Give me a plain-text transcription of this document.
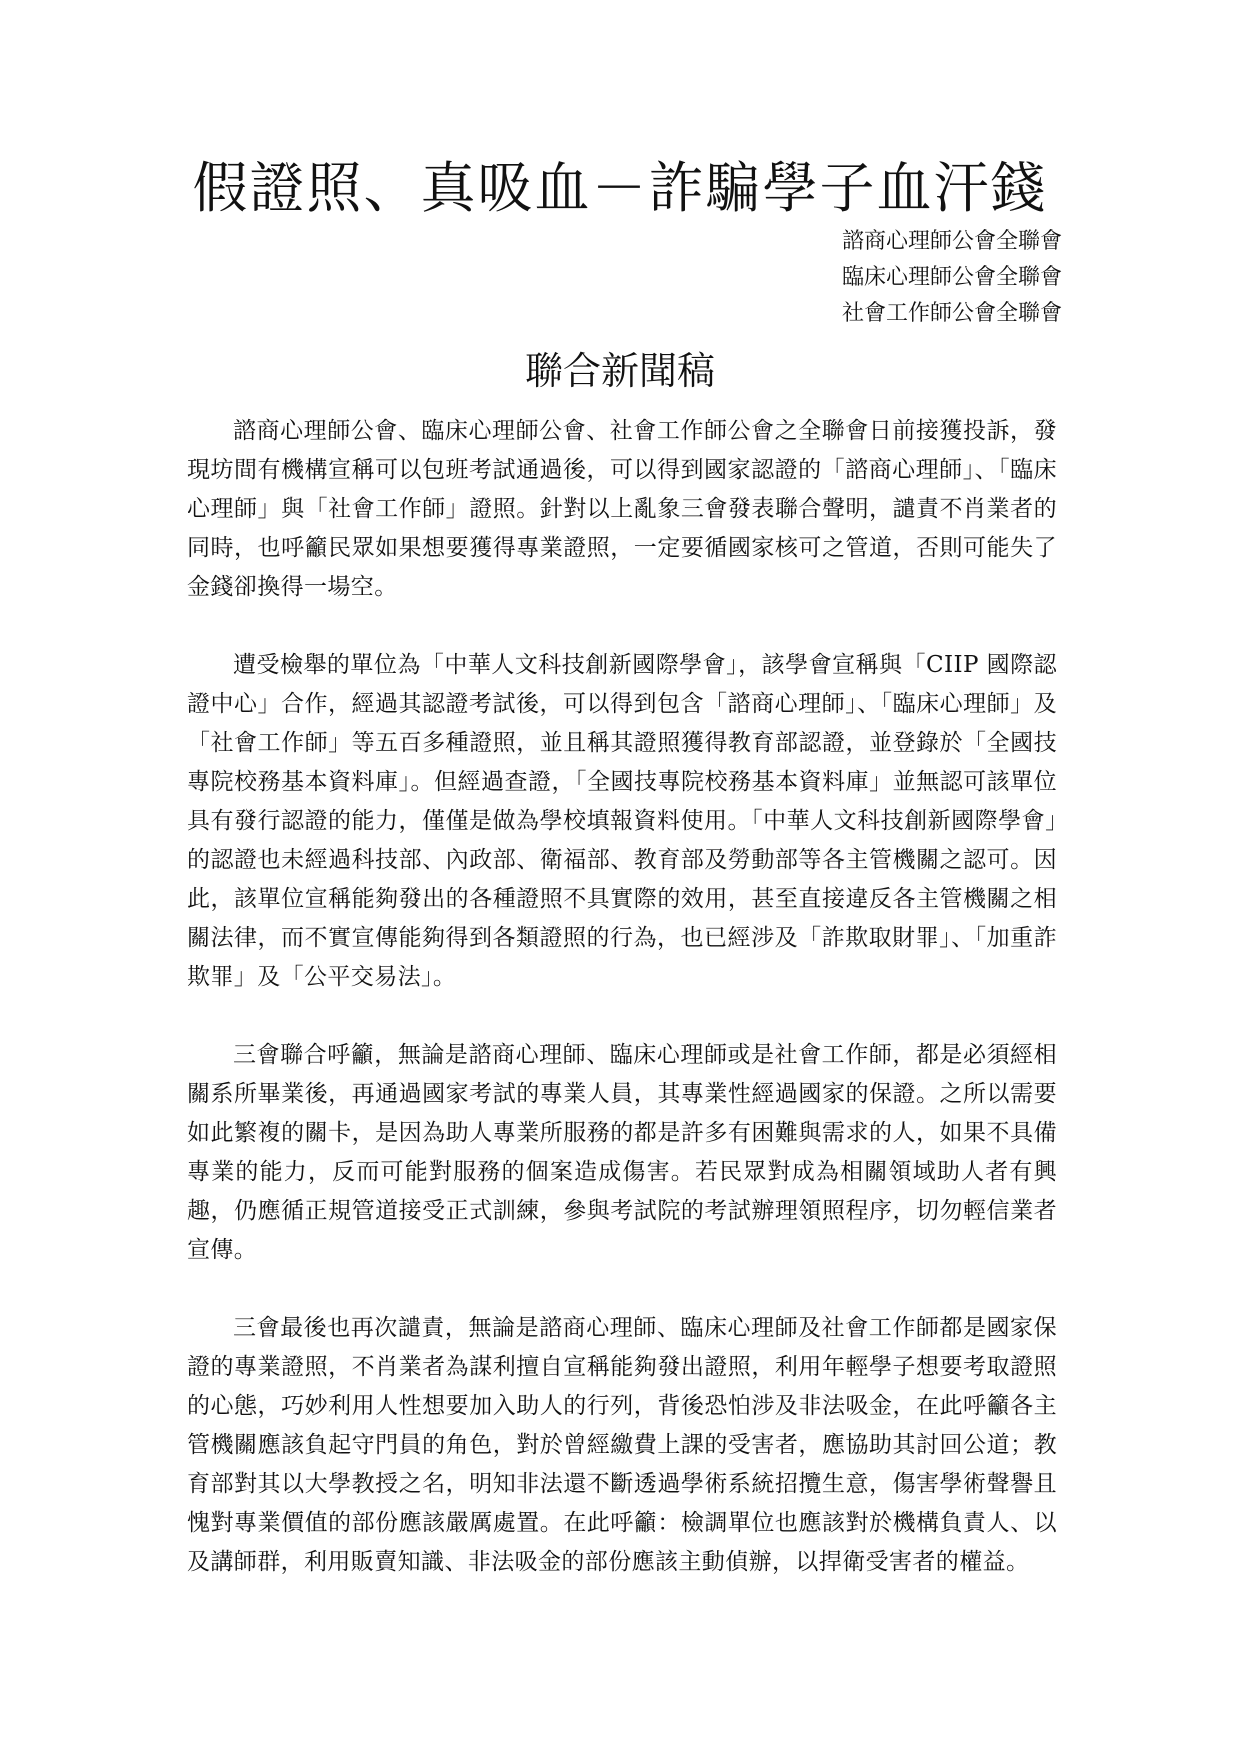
假證照、真吸血－詐騙學子血汗錢
諮商心理師公會全聯會
臨床心理師公會全聯會
社會工作師公會全聯會
聯合新聞稿

諮商心理師公會、臨床心理師公會、社會工作師公會之全聯會日前接獲投訴，發現坊間有機構宣稱可以包班考試通過後，可以得到國家認證的「諮商心理師」、「臨床心理師」與「社會工作師」證照。針對以上亂象三會發表聯合聲明，譴責不肖業者的同時，也呼籲民眾如果想要獲得專業證照，一定要循國家核可之管道，否則可能失了金錢卻換得一場空。

遭受檢舉的單位為「中華人文科技創新國際學會」，該學會宣稱與「CIIP 國際認證中心」合作，經過其認證考試後，可以得到包含「諮商心理師」、「臨床心理師」及「社會工作師」等五百多種證照，並且稱其證照獲得教育部認證，並登錄於「全國技專院校務基本資料庫」。但經過查證，「全國技專院校務基本資料庫」並無認可該單位具有發行認證的能力，僅僅是做為學校填報資料使用。「中華人文科技創新國際學會」的認證也未經過科技部、內政部、衛福部、教育部及勞動部等各主管機關之認可。因此，該單位宣稱能夠發出的各種證照不具實際的效用，甚至直接違反各主管機關之相關法律，而不實宣傳能夠得到各類證照的行為，也已經涉及「詐欺取財罪」、「加重詐欺罪」及「公平交易法」。

三會聯合呼籲，無論是諮商心理師、臨床心理師或是社會工作師，都是必須經相關系所畢業後，再通過國家考試的專業人員，其專業性經過國家的保證。之所以需要如此繁複的關卡，是因為助人專業所服務的都是許多有困難與需求的人，如果不具備專業的能力，反而可能對服務的個案造成傷害。若民眾對成為相關領域助人者有興趣，仍應循正規管道接受正式訓練，參與考試院的考試辦理領照程序，切勿輕信業者宣傳。

三會最後也再次譴責，無論是諮商心理師、臨床心理師及社會工作師都是國家保證的專業證照，不肖業者為謀利擅自宣稱能夠發出證照，利用年輕學子想要考取證照的心態，巧妙利用人性想要加入助人的行列，背後恐怕涉及非法吸金，在此呼籲各主管機關應該負起守門員的角色，對於曾經繳費上課的受害者，應協助其討回公道；教育部對其以大學教授之名，明知非法還不斷透過學術系統招攬生意，傷害學術聲譽且愧對專業價值的部份應該嚴厲處置。在此呼籲：檢調單位也應該對於機構負責人、以及講師群，利用販賣知識、非法吸金的部份應該主動偵辦，以捍衛受害者的權益。
